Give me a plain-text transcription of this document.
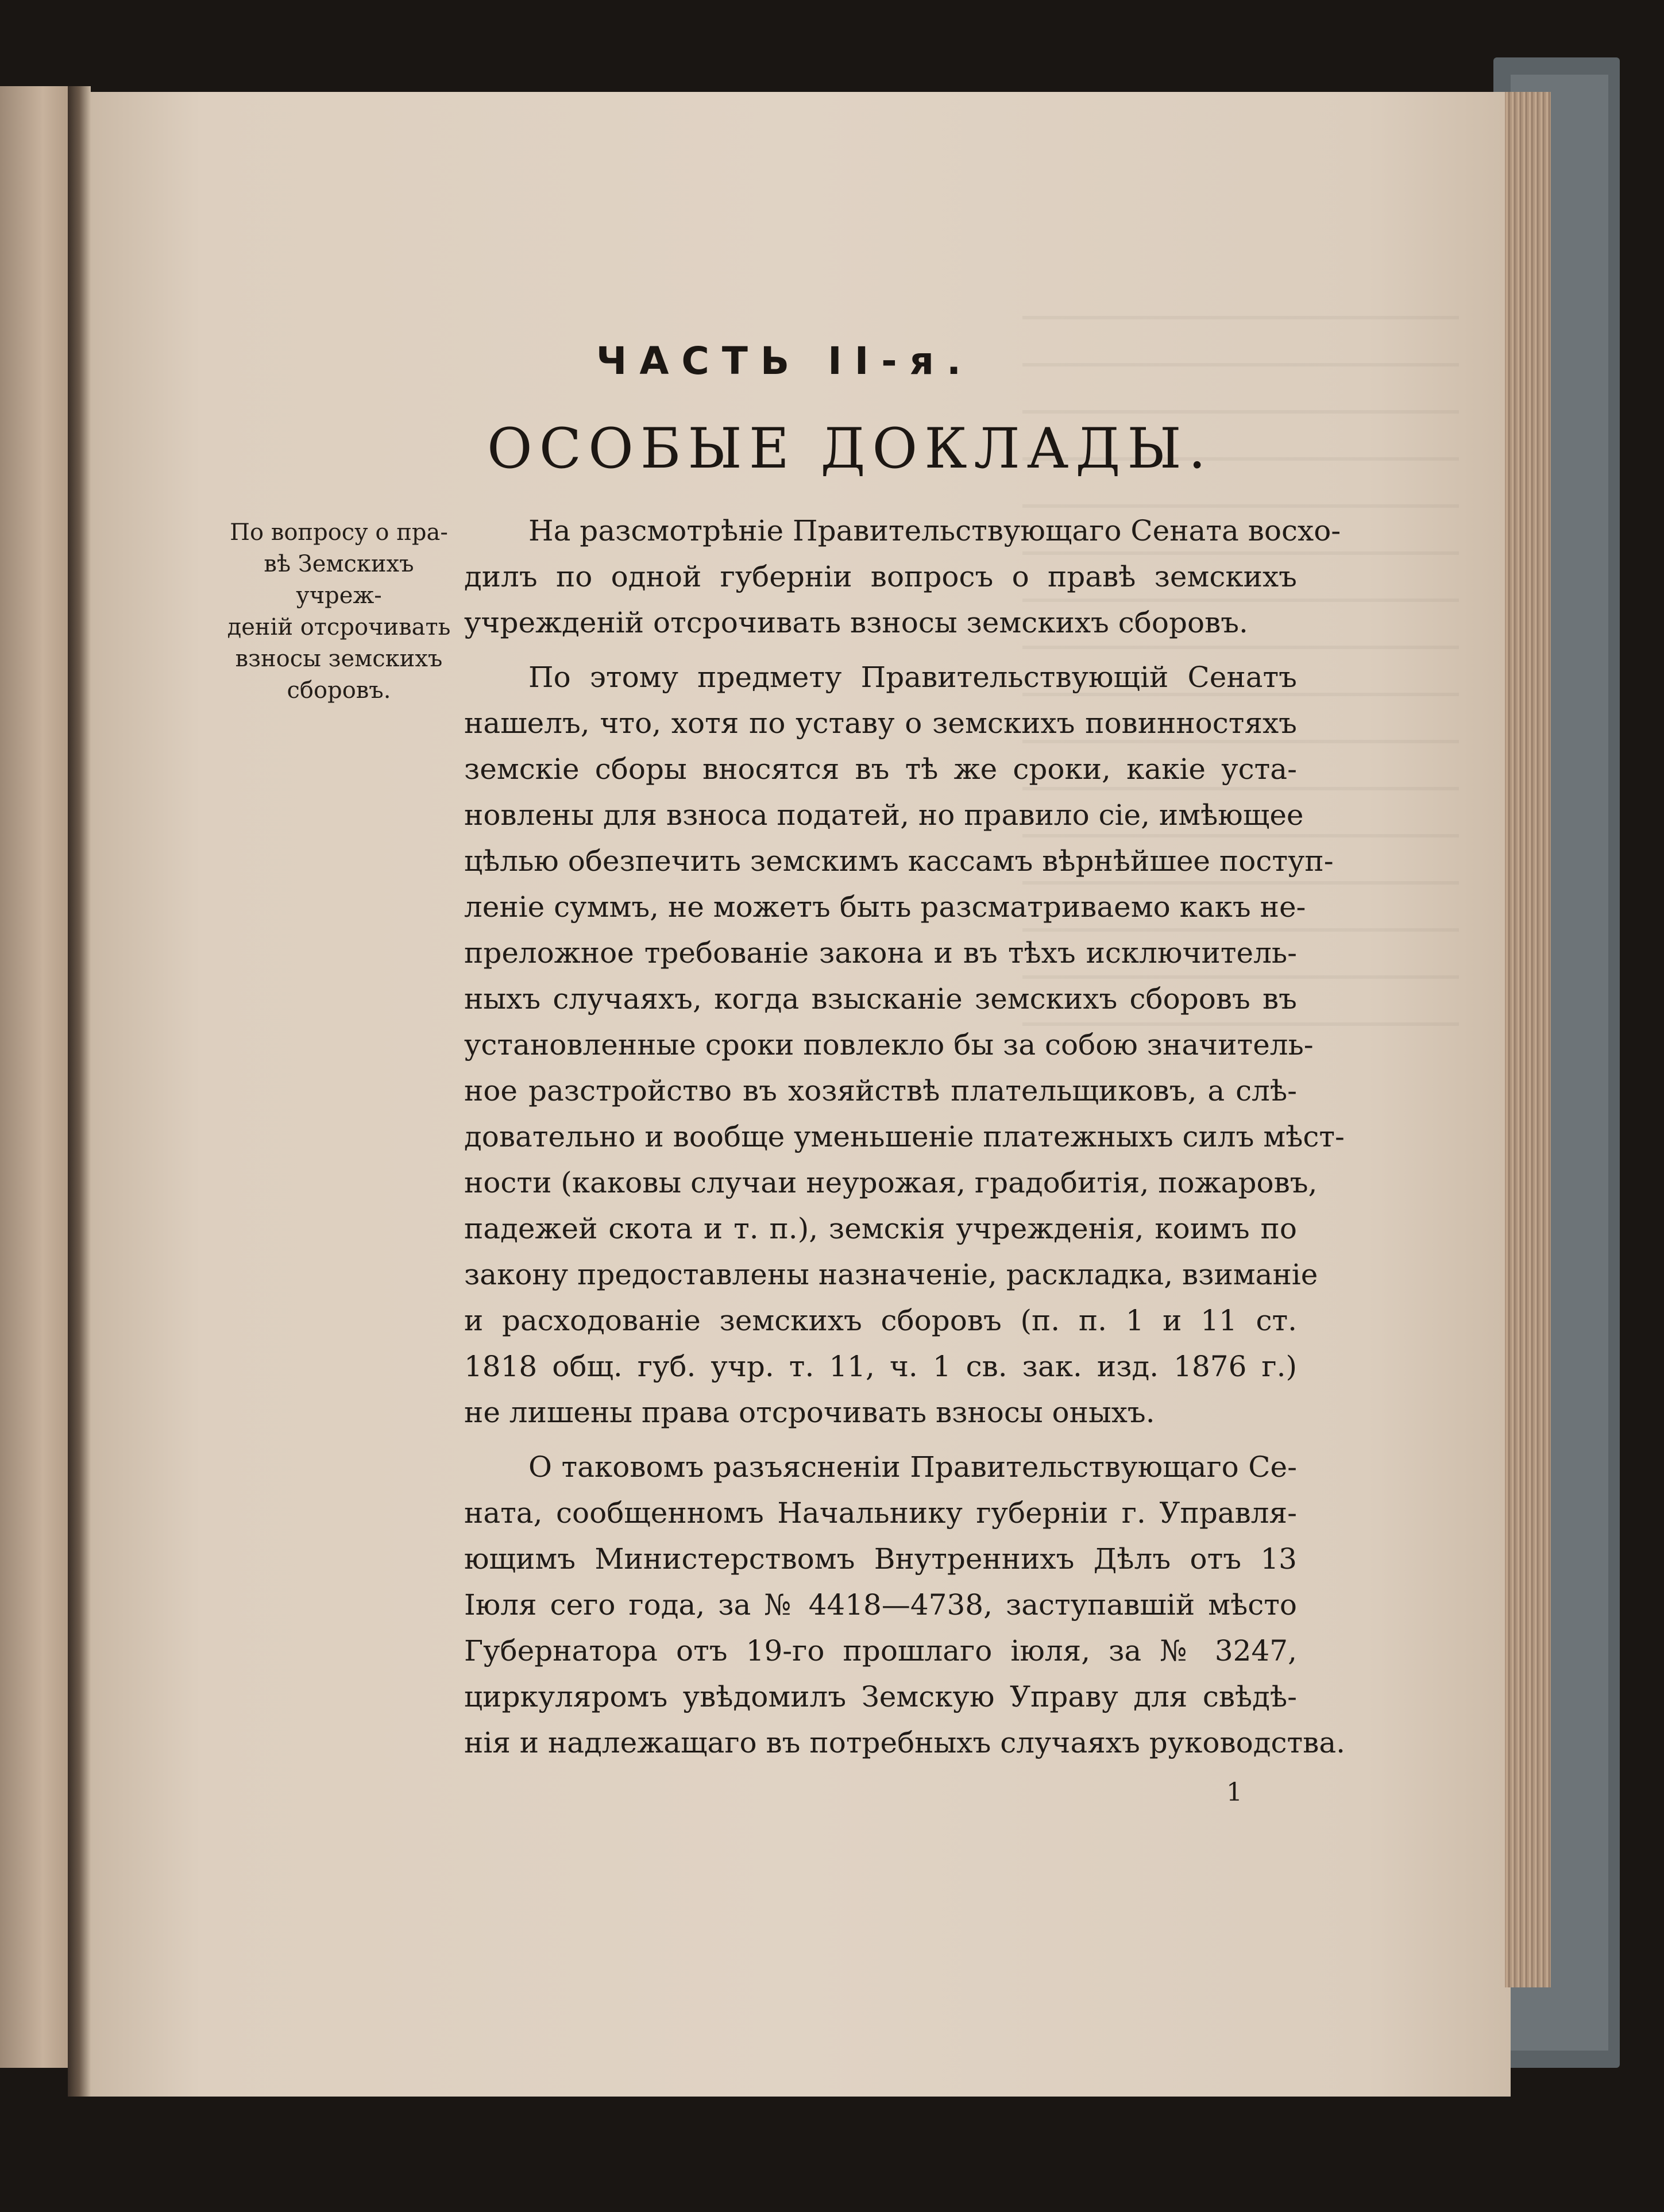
ЧАСТЬ II-я.
ОСОБЫЕ ДОКЛАДЫ.
По вопросу о пра-
вѣ Земскихъ учреж-
деній отсрочивать
взносы земскихъ
сборовъ.
На разсмотрѣніе Правительствующаго Сената восхо-
дилъ по одной губерніи вопросъ о правѣ земскихъ
учрежденій отсрочивать взносы земскихъ сборовъ.
По этому предмету Правительствующій Сенатъ
нашелъ, что, хотя по уставу о земскихъ повинностяхъ
земскіе сборы вносятся въ тѣ же сроки, какіе уста-
новлены для взноса податей, но правило сіе, имѣющее
цѣлью обезпечить земскимъ кассамъ вѣрнѣйшее поступ-
леніе суммъ, не можетъ быть разсматриваемо какъ не-
преложное требованіе закона и въ тѣхъ исключитель-
ныхъ случаяхъ, когда взысканіе земскихъ сборовъ въ
установленные сроки повлекло бы за собою значитель-
ное разстройство въ хозяйствѣ плательщиковъ, а слѣ-
довательно и вообще уменьшеніе платежныхъ силъ мѣст-
ности (каковы случаи неурожая, градобитія, пожаровъ,
падежей скота и т. п.), земскія учрежденія, коимъ по
закону предоставлены назначеніе, раскладка, взиманіе
и расходованіе земскихъ сборовъ (п. п. 1 и 11 ст.
1818 общ. губ. учр. т. 11, ч. 1 св. зак. изд. 1876 г.)
не лишены права отсрочивать взносы оныхъ.
О таковомъ разъясненіи Правительствующаго Се-
ната, сообщенномъ Начальнику губерніи г. Управля-
ющимъ Министерствомъ Внутреннихъ Дѣлъ отъ 13
Іюля сего года, за № 4418—4738, заступавшій мѣсто
Губернатора отъ 19-го прошлаго іюля, за № 3247,
циркуляромъ увѣдомилъ Земскую Управу для свѣдѣ-
нія и надлежащаго въ потребныхъ случаяхъ руководства.
1
